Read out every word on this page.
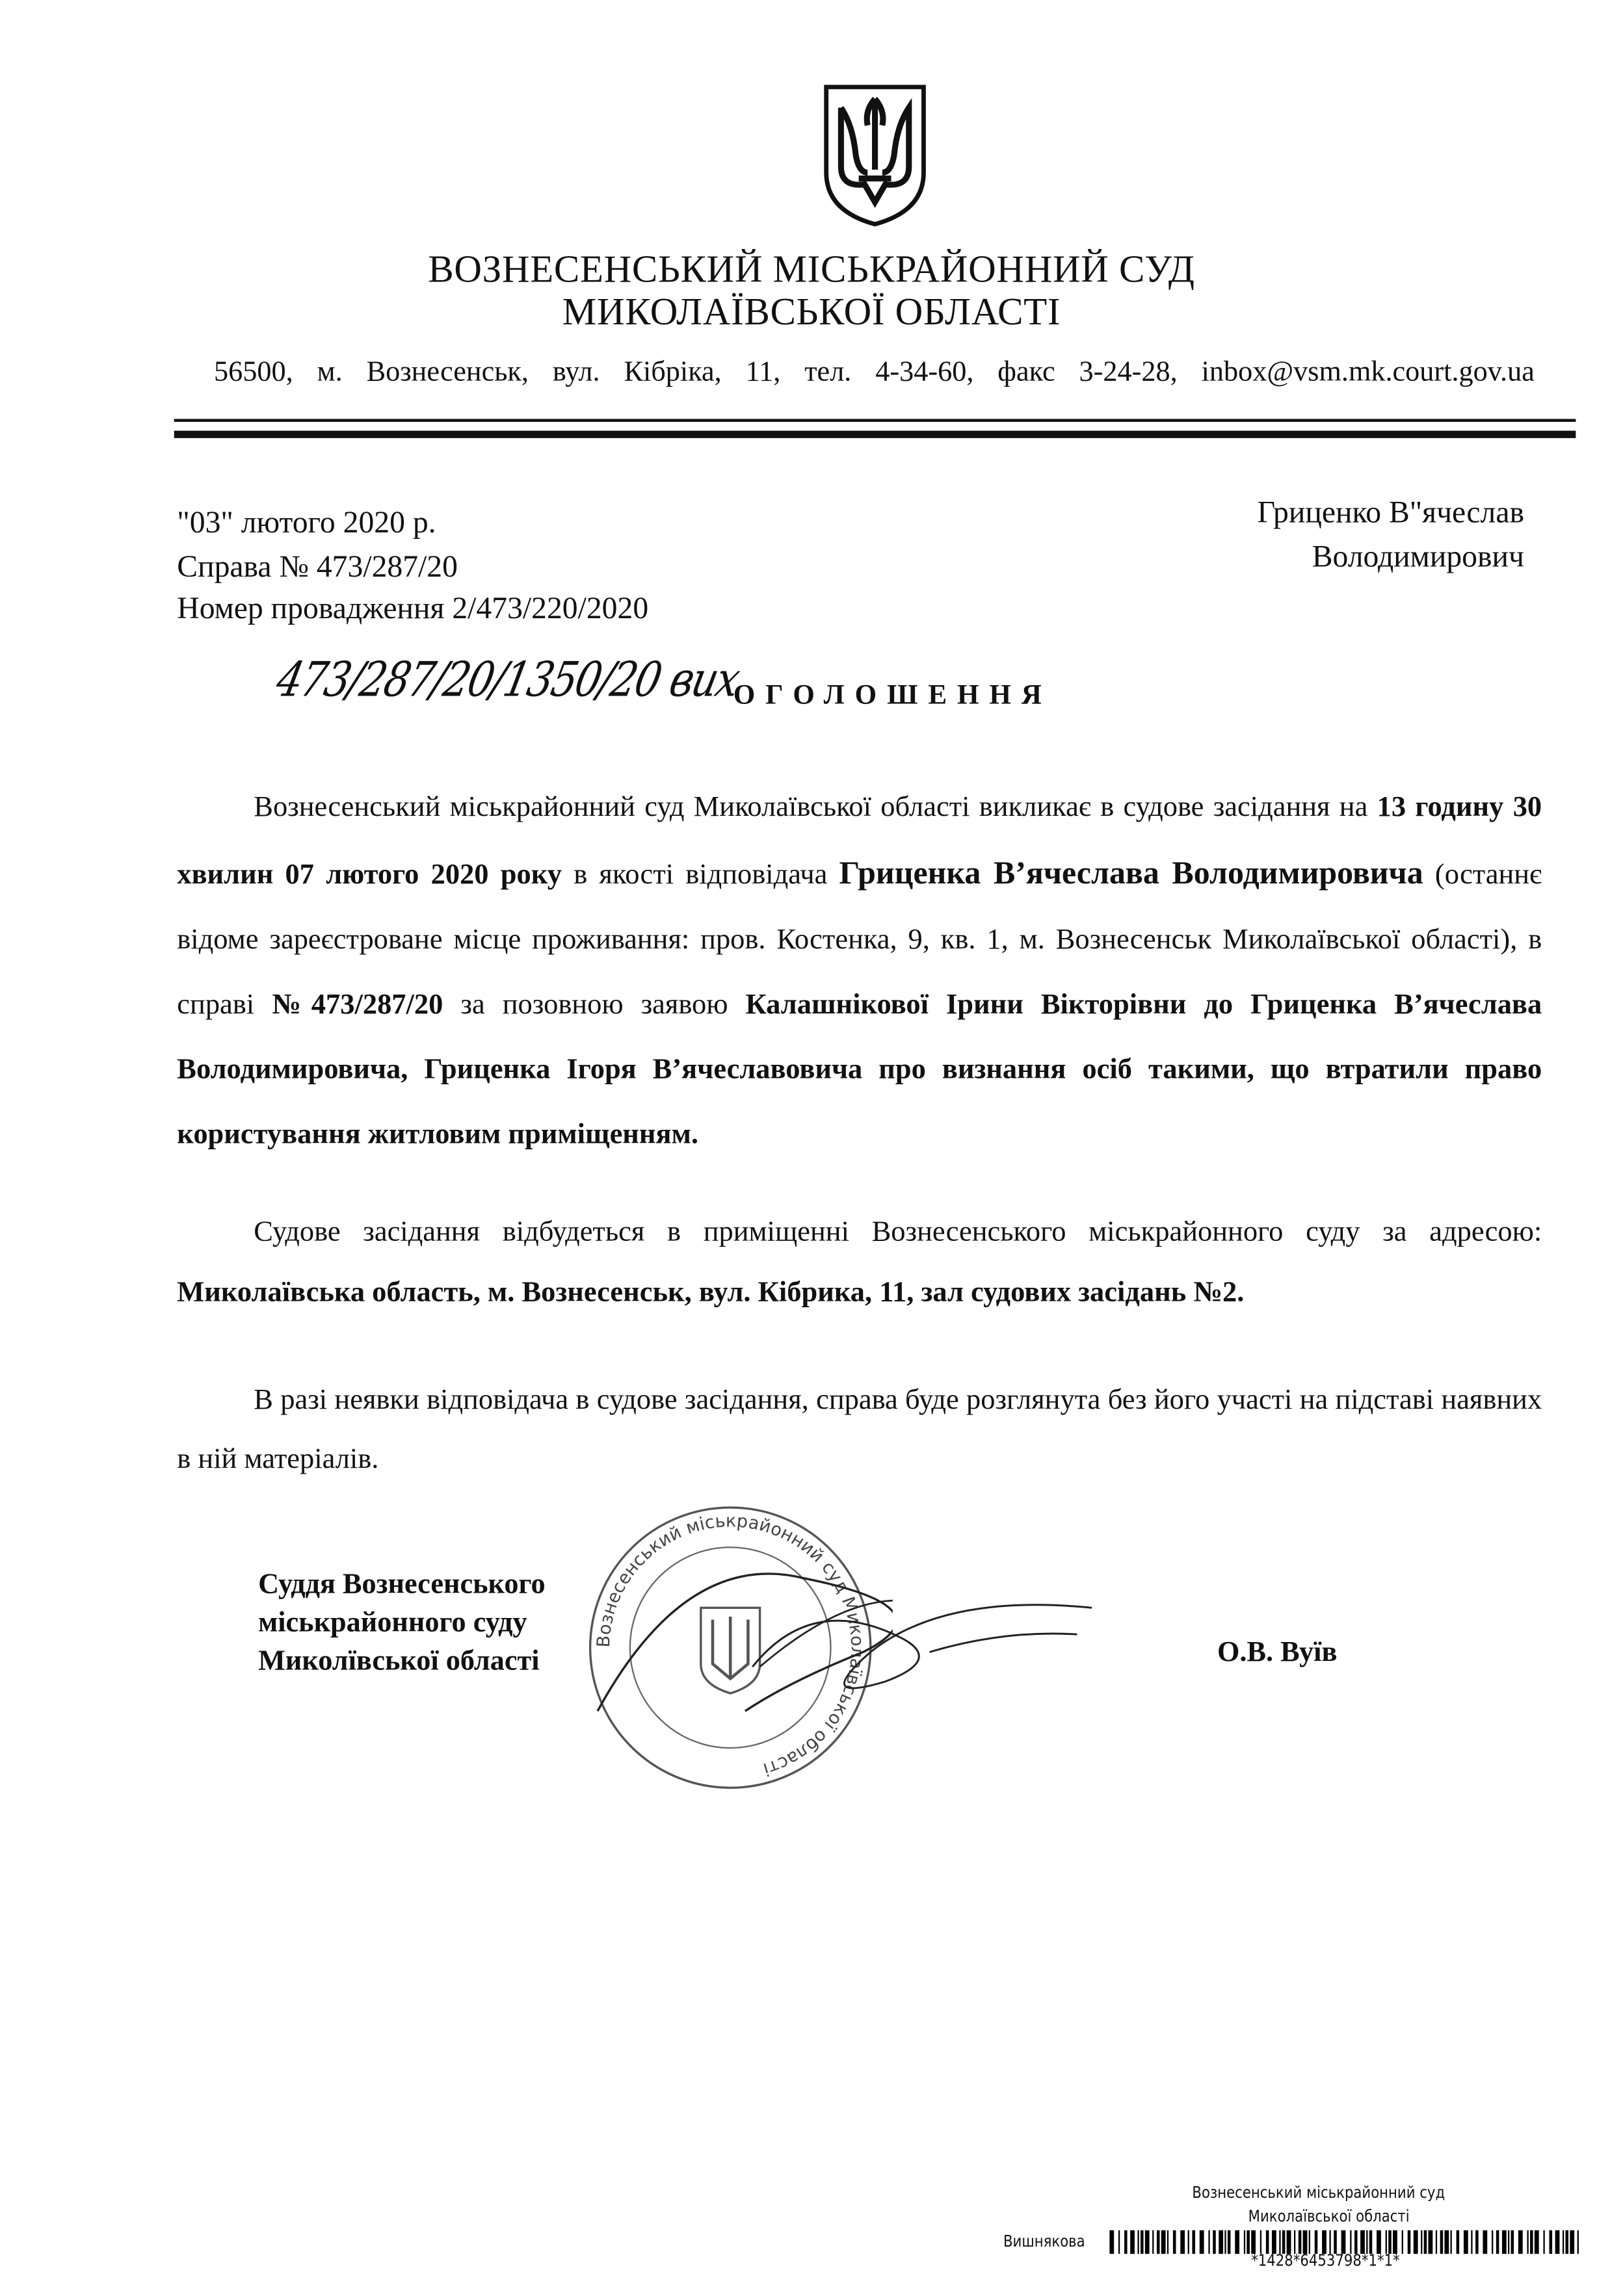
ВОЗНЕСЕНСЬКИЙ МІСЬКРАЙОННИЙ СУД
МИКОЛАЇВСЬКОЇ ОБЛАСТІ
56500, м. Вознесенськ, вул. Кібріка, 11, тел. 4-34-60, факс 3-24-28, inbox@vsm.mk.court.gov.ua
"03" лютого 2020 р.
Справа № 473/287/20
Номер провадження 2/473/220/2020
Гриценко В"ячеслав
Володимирович
473/287/20/1350/20 вих
ОГОЛОШЕННЯ
Вознесенський міськрайонний суд Миколаївської області викликає в судове засідання на 13 годину 30 хвилин 07 лютого 2020 року в якості відповідача Гриценка В’ячеслава Володимировича (останнє відоме зареєстроване місце проживання: пров. Костенка, 9, кв. 1, м. Вознесенськ Миколаївської області), в справі №473/287/20 за позовною заявою Калашнікової Ірини Вікторівни до Гриценка В’ячеслава Володимировича, Гриценка Ігоря В’ячеславовича про визнання осіб такими, що втратили право користування житловим приміщенням.
Судове засідання відбудеться в приміщенні Вознесенського міськрайонного суду за адресою: Миколаївська область, м. Вознесенськ, вул. Кібрика, 11, зал судових засідань №2.
В разі неявки відповідача в судове засідання, справа буде розглянута без його участі на підставі наявних в ній матеріалів.
Суддя Вознесенського міськрайонного суду Миколївської області	О.В. Вуїв
Вознесенський міськрайонний суд Миколаївської області
Вознесенський міськрайонний суд
Миколаївської області
Вишнякова
*1428*6453798*1*1*
